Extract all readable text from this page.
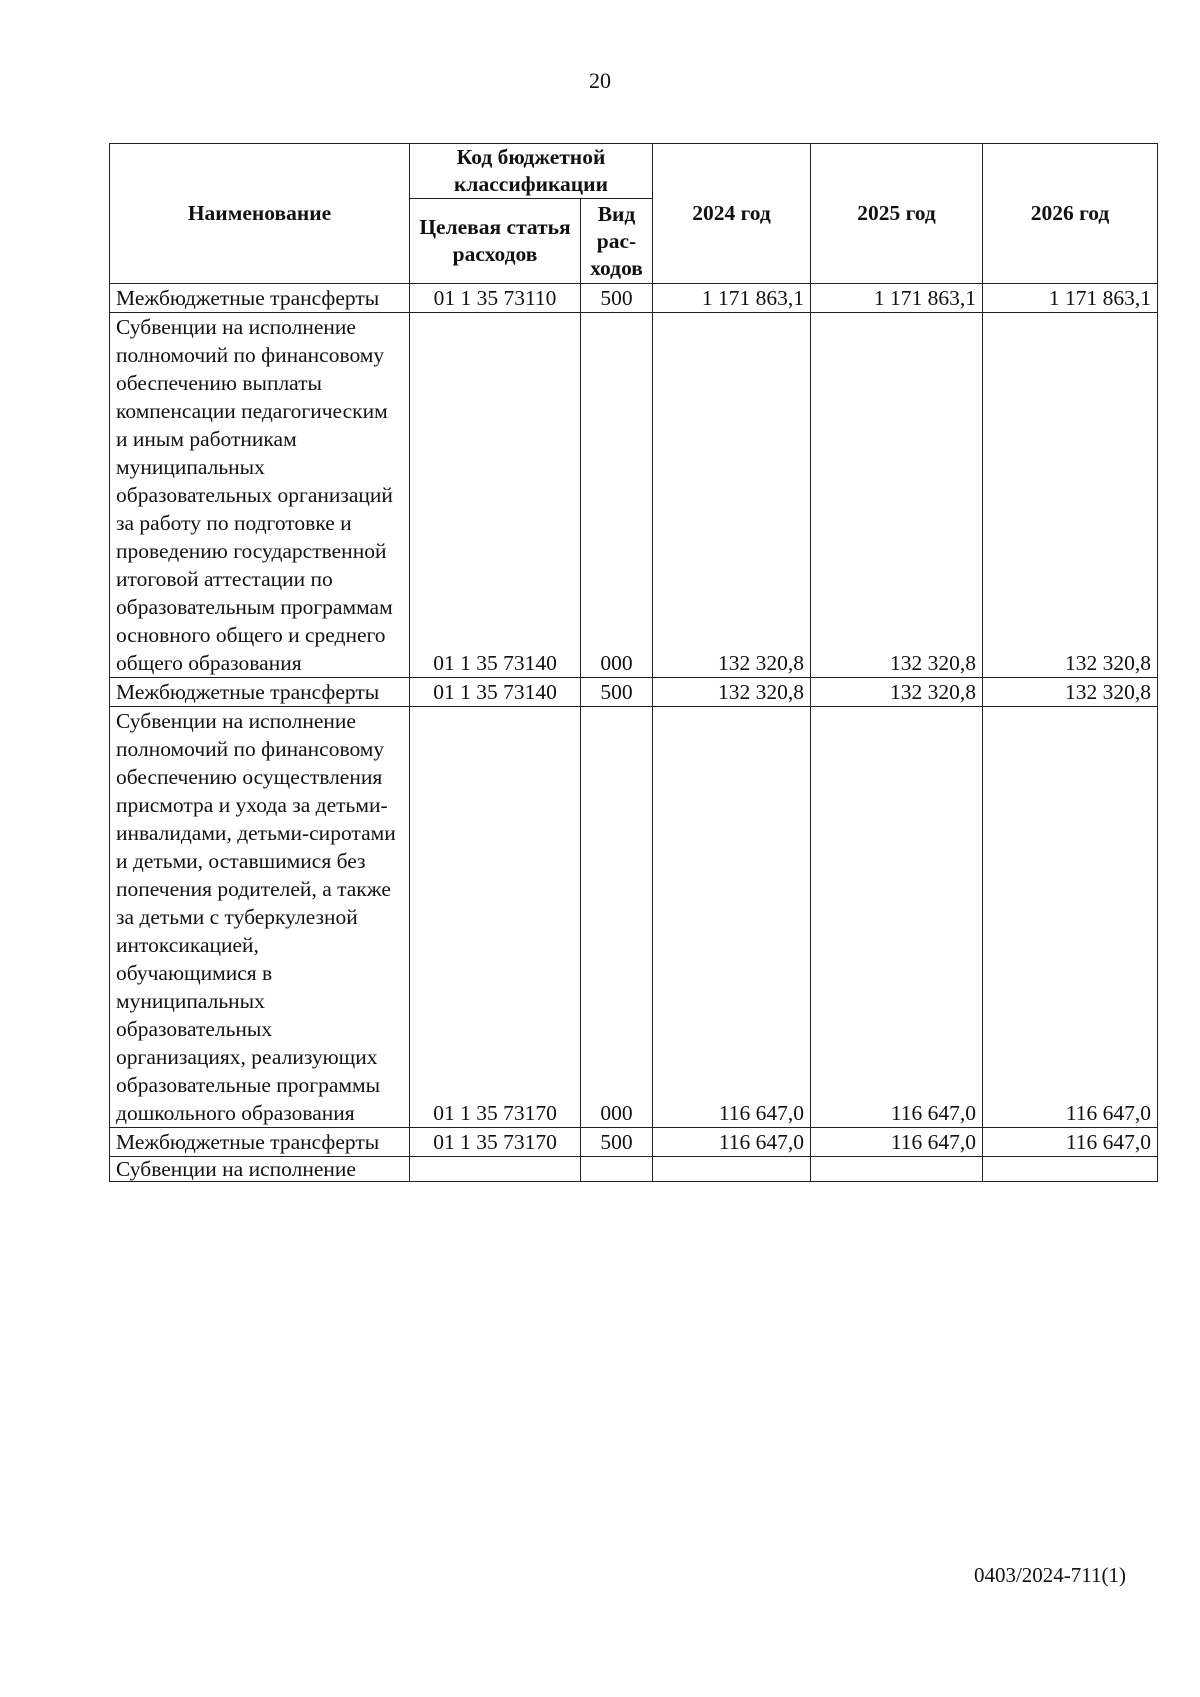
20
Наименование	Код бюджетной классификации		2024 год	2025 год	2026 год
	Целевая статья расходов	Вид рас-ходов			
Межбюджетные трансферты	01 1 35 73110	500	1 171 863,1	1 171 863,1	1 171 863,1
Субвенции на исполнение полномочий по финансовому обеспечению выплаты компенсации педагогическим и иным работникам муниципальных образовательных организаций за работу по подготовке и проведению государственной итоговой аттестации по образовательным программам основного общего и среднего общего образования	01 1 35 73140	000	132 320,8	132 320,8	132 320,8
Межбюджетные трансферты	01 1 35 73140	500	132 320,8	132 320,8	132 320,8
Субвенции на исполнение полномочий по финансовому обеспечению осуществления присмотра и ухода за детьми-инвалидами, детьми-сиротами и детьми, оставшимися без попечения родителей, а также за детьми с туберкулезной интоксикацией, обучающимися в муниципальных образовательных организациях, реализующих образовательные программы дошкольного образования	01 1 35 73170	000	116 647,0	116 647,0	116 647,0
Межбюджетные трансферты	01 1 35 73170	500	116 647,0	116 647,0	116 647,0
Субвенции на исполнение					
0403/2024-711(1)
